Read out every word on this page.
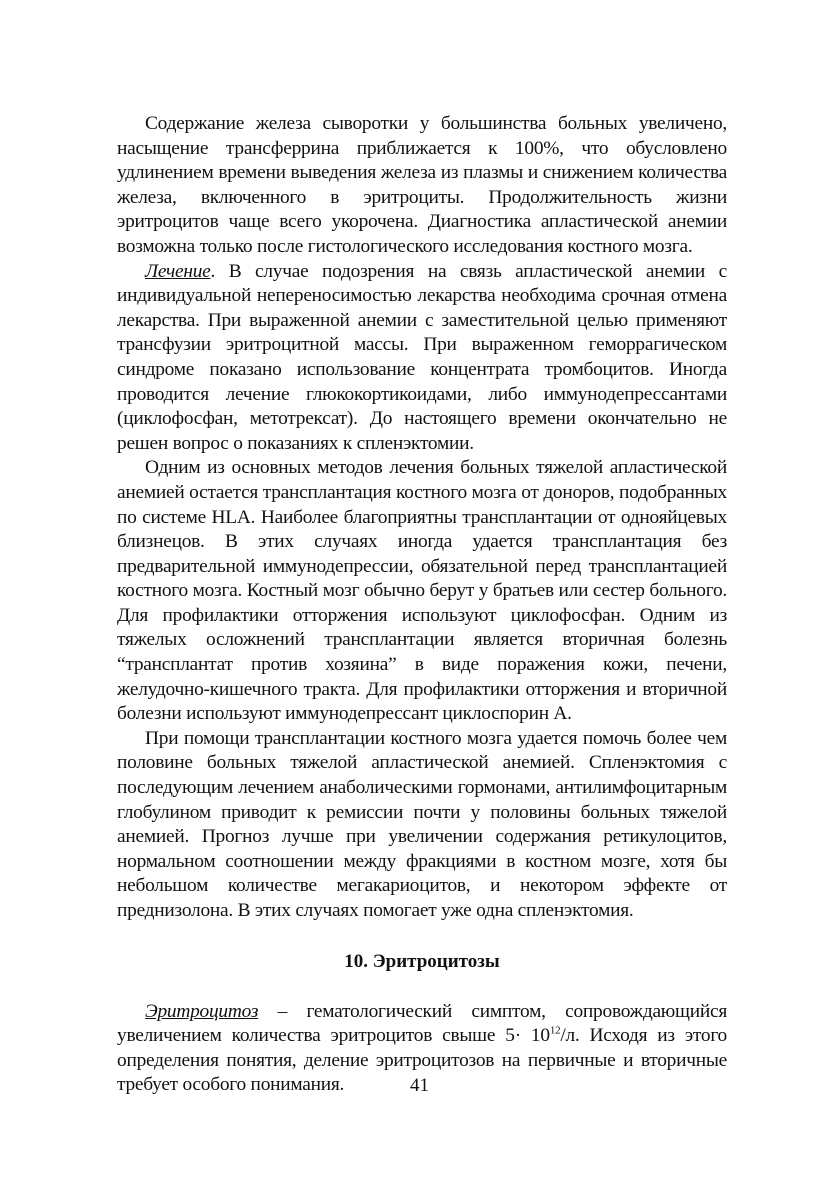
Содержание железа сыворотки у большинства больных увеличено, насыщение трансферрина приближается к 100%, что обусловлено удлинением времени выведения железа из плазмы и снижением количества железа, включенного в эритроциты. Продолжительность жизни эритроцитов чаще всего укорочена. Диагностика апластической анемии возможна только после гистологического исследования костного мозга.

Лечение. В случае подозрения на связь апластической анемии с индивидуальной непереносимостью лекарства необходима срочная отмена лекарства. При выраженной анемии с заместительной целью применяют трансфузии эритроцитной массы. При выраженном геморрагическом синдроме показано использование концентрата тромбоцитов. Иногда проводится лечение глюкокортикоидами, либо иммунодепрессантами (циклофосфан, метотрексат). До настоящего времени окончательно не решен вопрос о показаниях к спленэктомии.

Одним из основных методов лечения больных тяжелой апластической анемией остается трансплантация костного мозга от доноров, подобранных по системе HLA. Наиболее благоприятны трансплантации от однояйцевых близнецов. В этих случаях иногда удается трансплантация без предварительной иммунодепрессии, обязательной перед трансплантацией костного мозга. Костный мозг обычно берут у братьев или сестер больного. Для профилактики отторжения используют циклофосфан. Одним из тяжелых осложнений трансплантации является вторичная болезнь “трансплантат против хозяина” в виде поражения кожи, печени, желудочно-кишечного тракта. Для профилактики отторжения и вторичной болезни используют иммунодепрессант циклоспорин А.

При помощи трансплантации костного мозга удается помочь более чем половине больных тяжелой апластической анемией. Спленэктомия с последующим лечением анаболическими гормонами, антилимфоцитарным глобулином приводит к ремиссии почти у половины больных тяжелой анемией. Прогноз лучше при увеличении содержания ретикулоцитов, нормальном соотношении между фракциями в костном мозге, хотя бы небольшом количестве мегакариоцитов, и некотором эффекте от преднизолона. В этих случаях помогает уже одна спленэктомия.

10. Эритроцитозы

Эритроцитоз – гематологический симптом, сопровождающийся увеличением количества эритроцитов свыше $5\cdot 10^{12}/л$. Исходя из этого определения понятия, деление эритроцитозов на первичные и вторичные требует особого понимания.	41
